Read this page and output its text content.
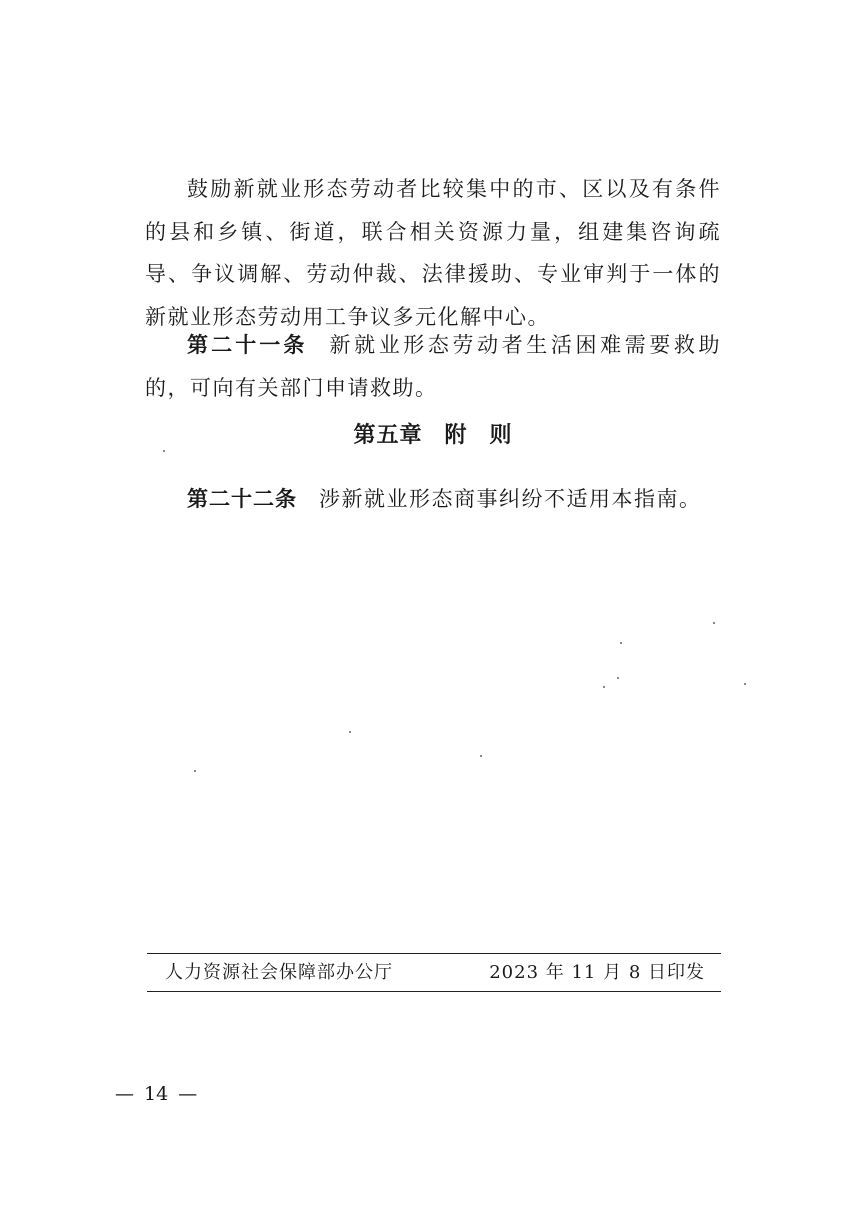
鼓励新就业形态劳动者比较集中的市、区以及有条件的县和乡镇、街道，联合相关资源力量，组建集咨询疏导、争议调解、劳动仲裁、法律援助、专业审判于一体的新就业形态劳动用工争议多元化解中心。

第二十一条 新就业形态劳动者生活困难需要救助的，可向有关部门申请救助。

第五章 附 则

第二十二条 涉新就业形态商事纠纷不适用本指南。

人力资源社会保障部办公厅	2023 年 11 月 8 日印发
— 14 —
